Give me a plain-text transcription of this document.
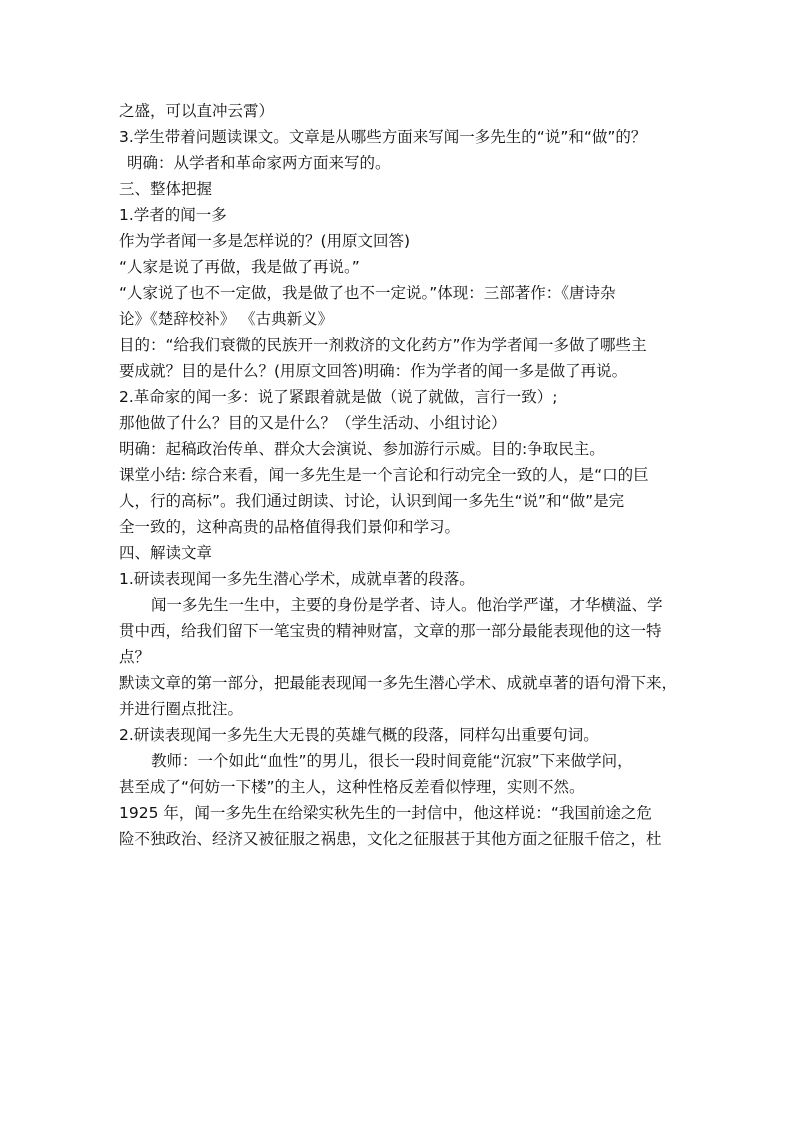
之盛，可以直冲云霄）
3.学生带着问题读课文。文章是从哪些方面来写闻一多先生的“说”和“做”的？
明确：从学者和革命家两方面来写的。
三、整体把握
1.学者的闻一多
作为学者闻一多是怎样说的？(用原文回答)
“人家是说了再做，我是做了再说。”
“人家说了也不一定做，我是做了也不一定说。”体现：三部著作：《唐诗杂
论》《楚辞校补》 《古典新义》
目的：“给我们衰微的民族开一剂救济的文化药方”作为学者闻一多做了哪些主
要成就？目的是什么？(用原文回答)明确：作为学者的闻一多是做了再说。
2.革命家的闻一多：说了紧跟着就是做（说了就做，言行一致）;
那他做了什么？目的又是什么？（学生活动、小组讨论）
明确：起稿政治传单、群众大会演说、参加游行示威。目的:争取民主。
课堂小结: 综合来看，闻一多先生是一个言论和行动完全一致的人，是“口的巨
人，行的高标”。我们通过朗读、讨论，认识到闻一多先生“说”和“做”是完
全一致的，这种高贵的品格值得我们景仰和学习。
四、解读文章
1.研读表现闻一多先生潜心学术，成就卓著的段落。
闻一多先生一生中，主要的身份是学者、诗人。他治学严谨，才华横溢、学
贯中西，给我们留下一笔宝贵的精神财富，文章的那一部分最能表现他的这一特
点？
默读文章的第一部分，把最能表现闻一多先生潜心学术、成就卓著的语句滑下来，
并进行圈点批注。
2.研读表现闻一多先生大无畏的英雄气概的段落，同样勾出重要句词。
教师：一个如此“血性”的男儿，很长一段时间竟能“沉寂”下来做学问，
甚至成了“何妨一下楼”的主人，这种性格反差看似悖理，实则不然。
1925 年，闻一多先生在给梁实秋先生的一封信中，他这样说：“我国前途之危
险不独政治、经济又被征服之祸患，文化之征服甚于其他方面之征服千倍之，杜
